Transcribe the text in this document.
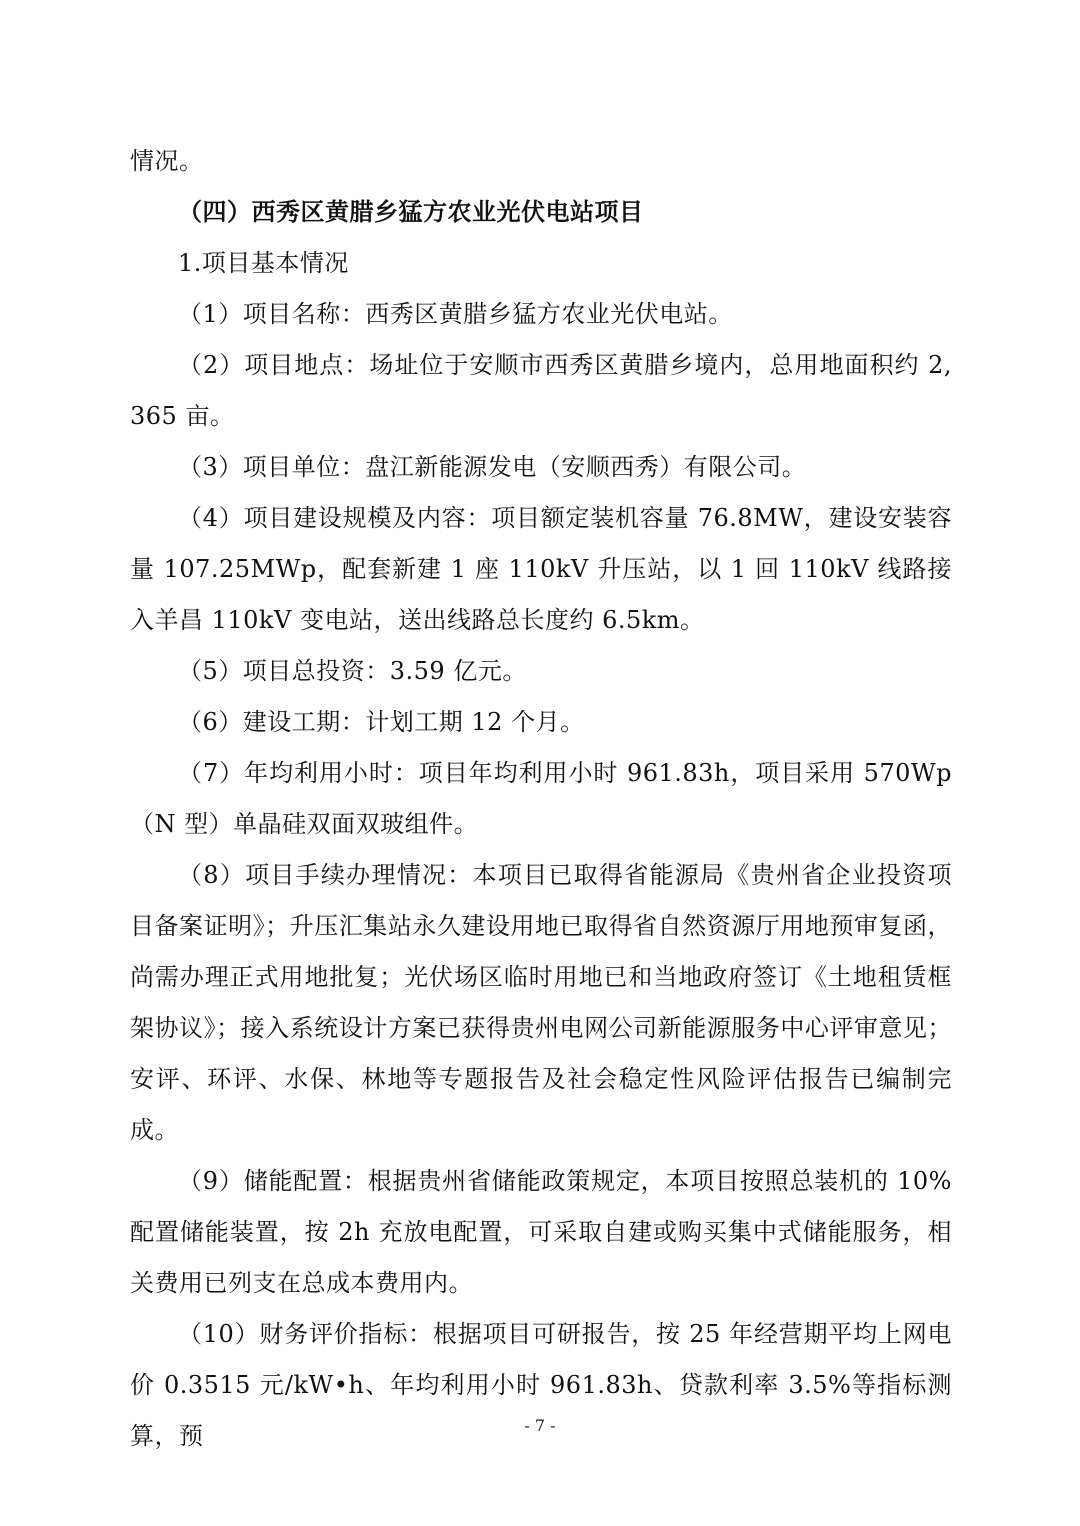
情况。

（四）西秀区黄腊乡猛方农业光伏电站项目

1.项目基本情况

（1）项目名称：西秀区黄腊乡猛方农业光伏电站。

（2）项目地点：场址位于安顺市西秀区黄腊乡境内，总用地面积约 2,365 亩。

（3）项目单位：盘江新能源发电（安顺西秀）有限公司。

（4）项目建设规模及内容：项目额定装机容量 76.8MW，建设安装容量 107.25MWp，配套新建 1 座 110kV 升压站，以 1 回 110kV 线路接入羊昌 110kV 变电站，送出线路总长度约 6.5km。

（5）项目总投资：3.59 亿元。

（6）建设工期：计划工期 12 个月。

（7）年均利用小时：项目年均利用小时 961.83h，项目采用 570Wp（N 型）单晶硅双面双玻组件。

（8）项目手续办理情况：本项目已取得省能源局《贵州省企业投资项目备案证明》；升压汇集站永久建设用地已取得省自然资源厅用地预审复函，尚需办理正式用地批复；光伏场区临时用地已和当地政府签订《土地租赁框架协议》；接入系统设计方案已获得贵州电网公司新能源服务中心评审意见；安评、环评、水保、林地等专题报告及社会稳定性风险评估报告已编制完成。

（9）储能配置：根据贵州省储能政策规定，本项目按照总装机的 10%配置储能装置，按 2h 充放电配置，可采取自建或购买集中式储能服务，相关费用已列支在总成本费用内。

（10）财务评价指标：根据项目可研报告，按 25 年经营期平均上网电价 0.3515 元/kW•h、年均利用小时 961.83h、贷款利率 3.5%等指标测算，预	- 7 -
